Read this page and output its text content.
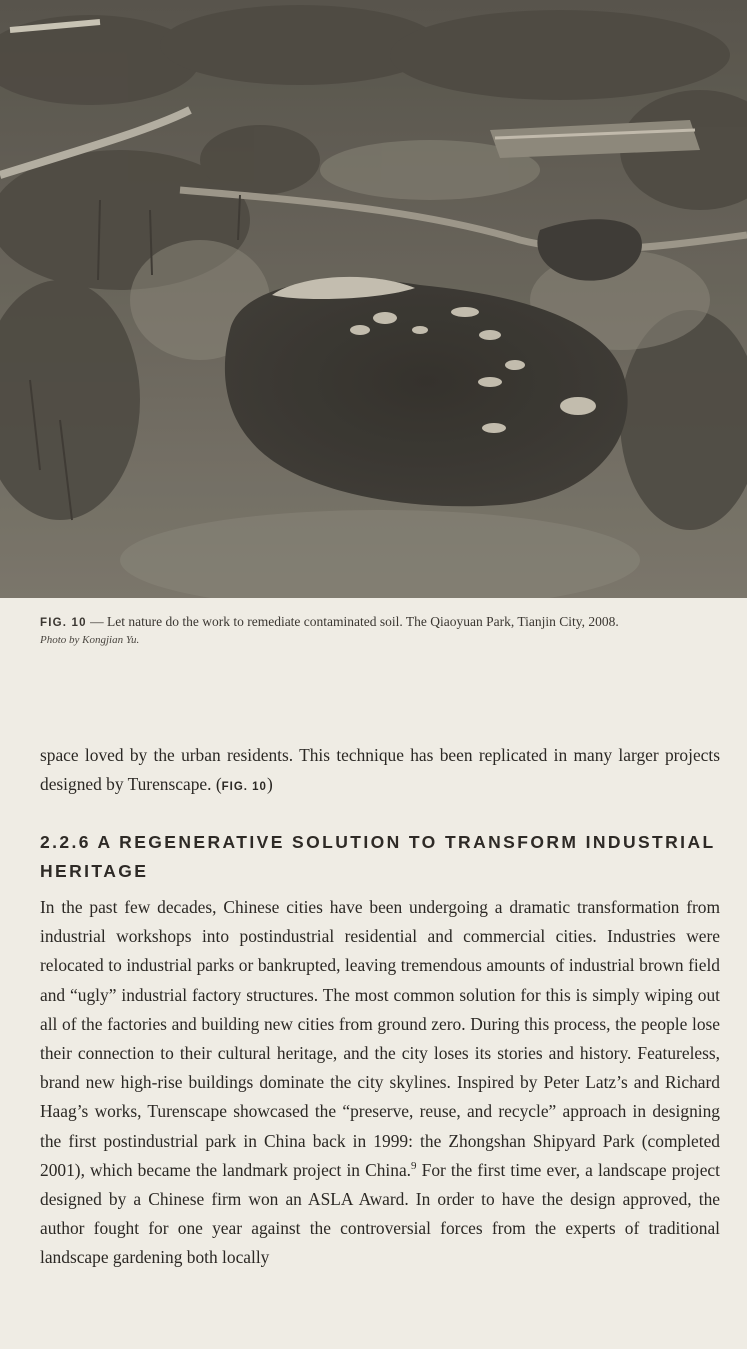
FIG. 10 — Let nature do the work to remediate contaminated soil. The Qiaoyuan Park, Tianjin City, 2008.
Photo by Kongjian Yu.
space loved by the urban residents. This technique has been replicated in many larger projects designed by Turenscape. (FIG. 10)
2.2.6 A REGENERATIVE SOLUTION TO TRANSFORM INDUSTRIAL HERITAGE
In the past few decades, Chinese cities have been undergoing a dramatic transformation from industrial workshops into postindustrial residential and commercial cities. Industries were relocated to industrial parks or bankrupted, leaving tremendous amounts of industrial brown field and “ugly” industrial factory structures. The most common solution for this is simply wiping out all of the factories and building new cities from ground zero. During this process, the people lose their connection to their cultural heritage, and the city loses its stories and history. Featureless, brand new high-rise buildings dominate the city skylines. Inspired by Peter Latz’s and Richard Haag’s works, Turenscape showcased the “preserve, reuse, and recycle” approach in designing the first postindustrial park in China back in 1999: the Zhongshan Shipyard Park (completed 2001), which became the landmark project in China.$^9$ For the first time ever, a landscape project designed by a Chinese firm won an ASLA Award. In order to have the design approved, the author fought for one year against the controversial forces from the experts of traditional landscape gardening both locally
